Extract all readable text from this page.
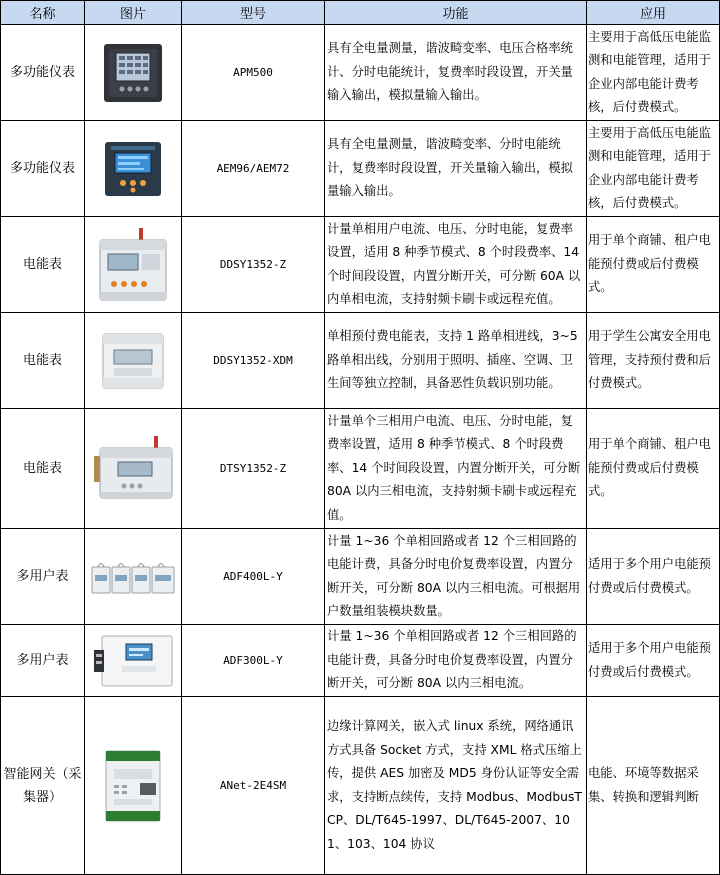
名称	图片	型号	功能	应用
多功能仪表		APM500	具有全电量测量，谐波畸变率、电压合格率统计、分时电能统计，复费率时段设置，开关量输入输出，模拟量输入输出。	主要用于高低压电能监测和电能管理，适用于企业内部电能计费考核，后付费模式。
多功能仪表		AEM96/AEM72	具有全电量测量，谐波畸变率、分时电能统计，复费率时段设置，开关量输入输出，模拟量输入输出。	主要用于高低压电能监测和电能管理，适用于企业内部电能计费考核，后付费模式。
电能表		DDSY1352-Z	计量单相用户电流、电压、分时电能，复费率设置，适用 8 种季节模式、8 个时段费率、14 个时间段设置，内置分断开关，可分断 60A 以内单相电流，支持射频卡刷卡或远程充值。	用于单个商铺、租户电能预付费或后付费模式。
电能表		DDSY1352-XDM	单相预付费电能表，支持 1 路单相进线，3~5 路单相出线，分别用于照明、插座、空调、卫生间等独立控制，具备恶性负载识别功能。	用于学生公寓安全用电管理，支持预付费和后付费模式。
电能表		DTSY1352-Z	计量单个三相用户电流、电压、分时电能，复费率设置，适用 8 种季节模式、8 个时段费率、14 个时间段设置，内置分断开关，可分断 80A 以内三相电流，支持射频卡刷卡或远程充值。	用于单个商铺、租户电能预付费或后付费模式。
多用户表		ADF400L-Y	计量 1~36 个单相回路或者 12 个三相回路的电能计费，具备分时电价复费率设置，内置分断开关，可分断 80A 以内三相电流。可根据用户数量组装模块数量。	适用于多个用户电能预付费或后付费模式。
多用户表		ADF300L-Y	计量 1~36 个单相回路或者 12 个三相回路的电能计费，具备分时电价复费率设置，内置分断开关，可分断 80A 以内三相电流。	适用于多个用户电能预付费或后付费模式。
智能网关（采集器）		ANet-2E4SM	边缘计算网关，嵌入式 linux 系统，网络通讯方式具备 Socket 方式，支持 XML 格式压缩上传，提供 AES 加密及 MD5 身份认证等安全需求，支持断点续传，支持 Modbus、ModbusTCP、DL/T645-1997、DL/T645-2007、101、103、104 协议	电能、环境等数据采集、转换和逻辑判断
